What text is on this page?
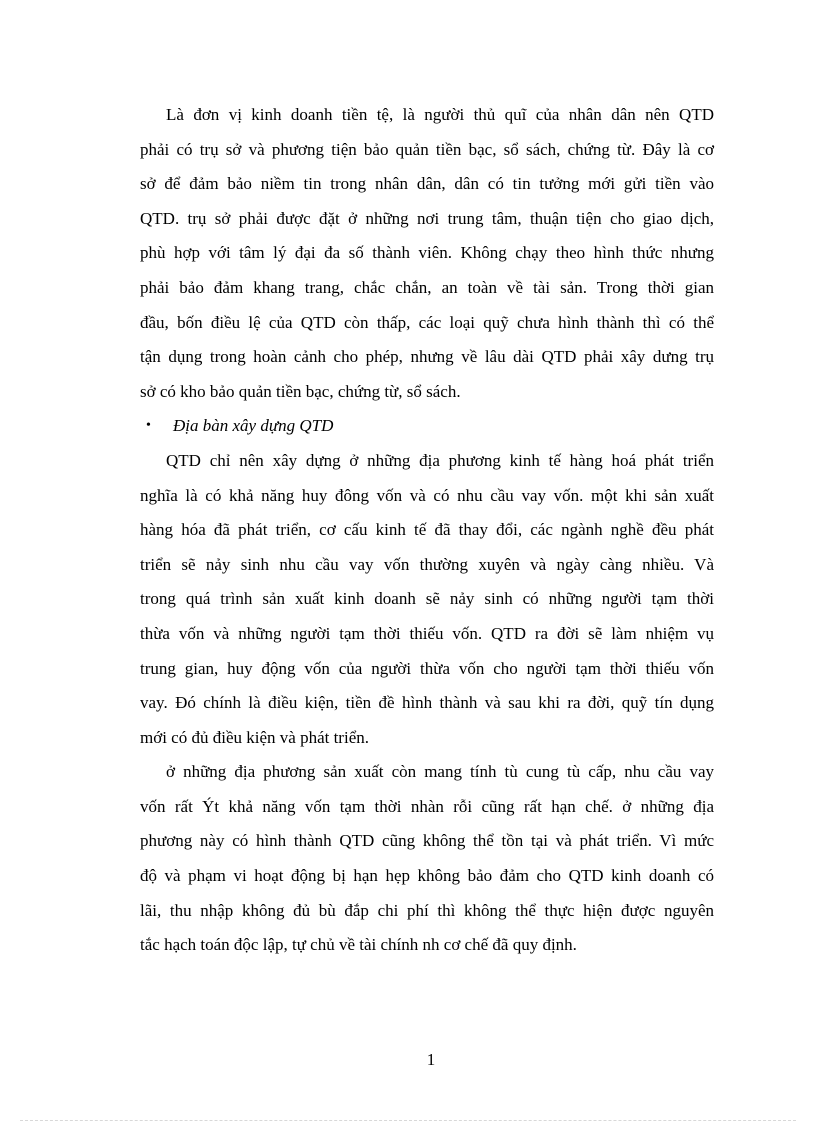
Là đơn vị kinh doanh tiền tệ, là người thủ quĩ của nhân dân nên QTD
phải có trụ sở và phương tiện bảo quản tiền bạc, sổ sách, chứng từ. Đây là cơ
sở để đảm bảo niềm tin trong nhân dân, dân có tin tưởng mới gửi tiền vào
QTD. trụ sở phải được đặt ở những nơi trung tâm, thuận tiện cho giao dịch,
phù hợp với tâm lý đại đa số thành viên. Không chạy theo hình thức nhưng
phải bảo đảm khang trang, chắc chắn, an toàn về tài sản. Trong thời gian
đầu, bốn điều lệ của QTD còn thấp, các loại quỹ chưa hình thành thì có thể
tận dụng trong hoàn cảnh cho phép, nhưng về lâu dài QTD phải xây dưng trụ
sở có kho bảo quản tiền bạc, chứng từ, sổ sách.

• Địa bàn xây dựng QTD

QTD chỉ nên xây dựng ở những địa phương kinh tế hàng hoá phát triển
nghĩa là có khả năng huy đông vốn và có nhu cầu vay vốn. một khi sản xuất
hàng hóa đã phát triển, cơ cấu kinh tế đã thay đổi, các ngành nghề đều phát
triển sẽ nảy sinh nhu cầu vay vốn thường xuyên và ngày càng nhiều. Và
trong quá trình sản xuất kinh doanh sẽ nảy sinh có những người tạm thời
thừa vốn và những người tạm thời thiếu vốn. QTD ra đời sẽ làm nhiệm vụ
trung gian, huy động vốn của người thừa vốn cho người tạm thời thiếu vốn
vay. Đó chính là điều kiện, tiền đề hình thành và sau khi ra đời, quỹ tín dụng
mới có đủ điều kiện và phát triển.

ở những địa phương sản xuất còn mang tính tù cung tù cấp, nhu cầu vay
vốn rất Ýt khả năng vốn tạm thời nhàn rỗi cũng rất hạn chế. ở những địa
phương này có hình thành QTD cũng không thể tồn tại và phát triển. Vì mức
độ và phạm vi hoạt động bị hạn hẹp không bảo đảm cho QTD kinh doanh có
lãi, thu nhập không đủ bù đắp chi phí thì không thể thực hiện được nguyên
tắc hạch toán độc lập, tự chủ về tài chính nh cơ chế đã quy định.

1
